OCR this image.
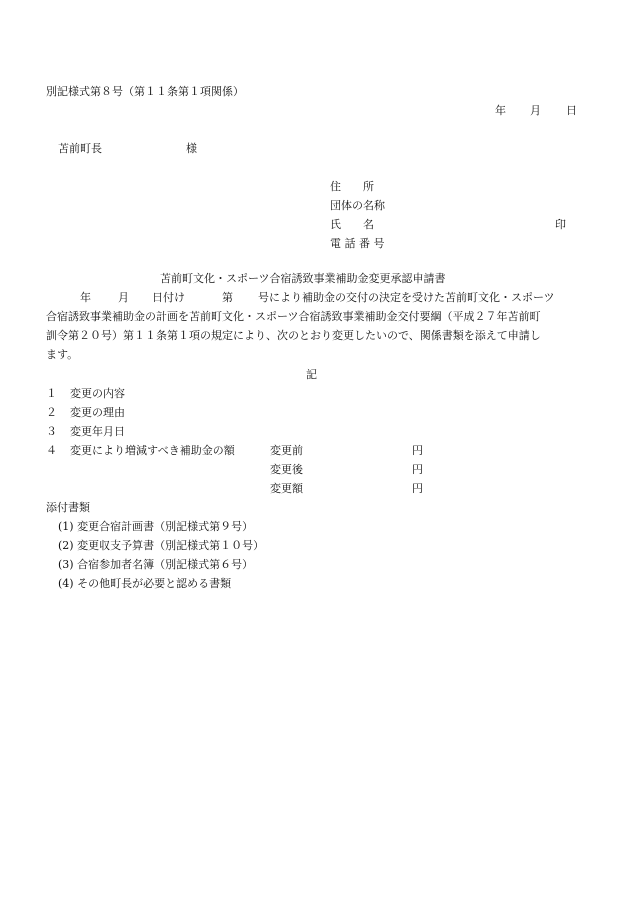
別記様式第８号（第１１条第１項関係）
年 月 日
苫前町長	様
住　　所
団体の名称
氏　　名	印
電 話 番 号
苫前町文化・スポーツ合宿誘致事業補助金変更承認申請書
年 月 日付け	第 号により補助金の交付の決定を受けた苫前町文化・スポーツ
合宿誘致事業補助金の計画を苫前町文化・スポーツ合宿誘致事業補助金交付要綱（平成２７年苫前町
訓令第２０号）第１１条第１項の規定により、次のとおり変更したいので、関係書類を添えて申請し
ます。
記
１ 変更の内容
２ 変更の理由
３ 変更年月日
４ 変更により増減すべき補助金の額	変更前	円
変更後	円
変更額	円
添付書類
(1) 変更合宿計画書（別記様式第９号）
(2) 変更収支予算書（別記様式第１０号）
(3) 合宿参加者名簿（別記様式第６号）
(4) その他町長が必要と認める書類
